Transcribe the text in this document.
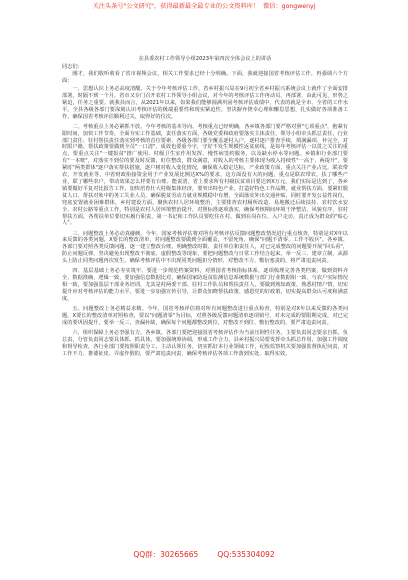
关注头条号"公文研究"，获得最新最全最专业的公文资料库！ 微信：gongwenyj
在县委农村工作领导小组2023年第四次全体会议上的讲话
同志们：

刚才，我们收听收看了省市视频会议，相关工作要求已经十分明确。下面，我就迎接国省考核评估工作，再强调六个方面：

一、思想认识上务必高度清醒。关于今年考核评估工作，省乡村振兴局在9月初全省乡村振兴系统会议上就作了全面安排部署，时隔不到一个月，省市又专门召开农村工作领导小组会议，对今年的考核评估工作再动员、再部署，由此可见，形势之紧迫，任务之重要。就我县而言，从2021年以来，如果我们能够圆满巩固考核评估成绩中，代表的就是全市、全省的工作水平。全县各级各部门要深刻认识考核评估的极端重要性和现实紧迫性，坚决摒弃侥幸心理和懈怠思想，扎实做好各项准备工作，确保国省考核评估顺利过关、取得好的位次。

二、考核重点上务必紧抓不放。今年考核的基本导向、考核重点已经明确，各乡镇各部门要严格对照"七项重点"，抱紧有限时间，加快工作节奏，全面夯实工作基础，责任落实方面，各级党委和政府要落实主体责任，领导小组牵头抓总责任，行业部门责任、驻村帮扶责任落实到考核的首位要素，各级各部门要全覆盖逐村入户，逐村逐户排查手续，填满漏项、补完全，对时限户籍、帮扶政策要做到全员"一口清"，成效也要重今字，守好不发生规模性返贫底线，是每年考核评估一以贯之关注的重点，要重点关注"一键报贫"推广使用、村级卫生室作用发挥、慢性病签约服务，以及缺水停水等问题。乡镇和行业部门要有"一本账"，对落实不到位的要及时反馈，盯住整改，群众满意，对收入的考核主要体现为收入持续性"一高于、两提升"，要紧盯"两类群体"逐户落实帮扶措施，逐户树对收入变化情况，确保收入稳定达标，产业政策方面，重点关注产业占比，联农带农，开发就业等，中省财政衔接资金用于产业发展比例达X%的要求，这方面没有大的问题，重点是联农带农，扶了哪些产业，联了哪些农户，带动效果怎么样要有台账、能说清，省上要求所有村级扶贫项目要达到X万元，我们实际是达到了，各乡镇要做好平复对比报告工作，加快培育壮大村级集体经济，要突出特色产业，打造好特色工作品牌，就业帮扶方面，要紧盯脱贫人口、帮扶对象中的务工失业人员，确保脱贫劳动力就业规模稳中有增，全面落实外出交通补贴，同时要开发公益性岗位，兜底安置就业困难群体，乡村建设方面，聚焦农村人居环境整治，主要排查农村厕所改造、易地搬迁后续扶持、农村饮水安全、农村公路等重点工作，特别是农村人居环境整治提升，对照标准逐项落实，确保考核期间环境干净整洁、风貌有序，驻村帮扶方面，各帮扶单位要切实履行职责，第一书记和工作队员要吃住在村，做到在岗在位、入户走访，真正成为群众的"贴心人"。

三、问题整改上务必动真碰硬。今年，国家考核评估将对所有考核评估反馈问题整改情况进行重点核查，特别是对X年以来反馈的各类问题，X要长的整改清单，对问题整改要做到全面覆盖，不留死角，确保"问题不清零、工作不收兵"。各乡镇、各部门要对照各类反馈问题，逐一建立整改台账，明确整改时限、责任单位和责任人，对已完成整改的问题要开展"回头看"，防止问题反弹，坚决避免出现整改不彻底、虚假整改等现象，要把问题整改与日常工作结合起来，举一反三、建章立制，从源头上防止同类问题再次发生，确保考核评估中不出现同类问题扣分情形，对整改不力、敷衍塞责的，将严肃追责问责。

四、基层基础上务必夯实筑牢。要进一步规范档案资料，对照国省考核指标体系，逐项梳理完善各类档案，做到资料齐全、数据准确、逻辑一致，要加强信息数据比对，确保国家防返贫监测信息系统数据与部门行业数据相一致、与农户实际情况相一致，要加强基层干部业务培训，尤其是村两委干部、驻村工作队员和帮扶责任人，要做到熟知政策、熟悉村情户情，切实提升应对考核评估的能力水平，要进一步加强宣传引导，让群众知晓帮扶政策、感恩党的好政策，切实提高群众认可度和满意度。

五、问题整改上务必精益求精。今年，国省考核评估将对所有问题整改进行重点检查，特别是对X年以来反馈的各类问题，X要长的整改清单对照检查，要以"问题清零"为目标，对照各级反馈问题清单逐项销号，对未完成的要限期完成，对已完成的要巩固提升，要举一反三，查漏补缺，确保每个问题都整改到位，对整改不到位、敷衍整改的，要严肃追责问责。

六、组织保障上务必坚强有力。各乡镇、各部门要把迎接国省考核评估作为当前压倒性任务，主要负责同志要亲自抓、负总责，分管负责同志要具体抓、抓具体，要加强统筹协调，形成工作合力，县乡村振兴局要发挥牵头抓总作用，加强工作调度和督导检查，各行业部门要按照职责分工，主动认领任务，切实抓好本行业领域工作，纪检监察机关要加强监督执纪问责，对工作不力、推诿扯皮、弄虚作假的，要严肃追责问责，确保考核评估各项工作落到实处、取得实效。

QQ群：30265665	QQ:535304092
